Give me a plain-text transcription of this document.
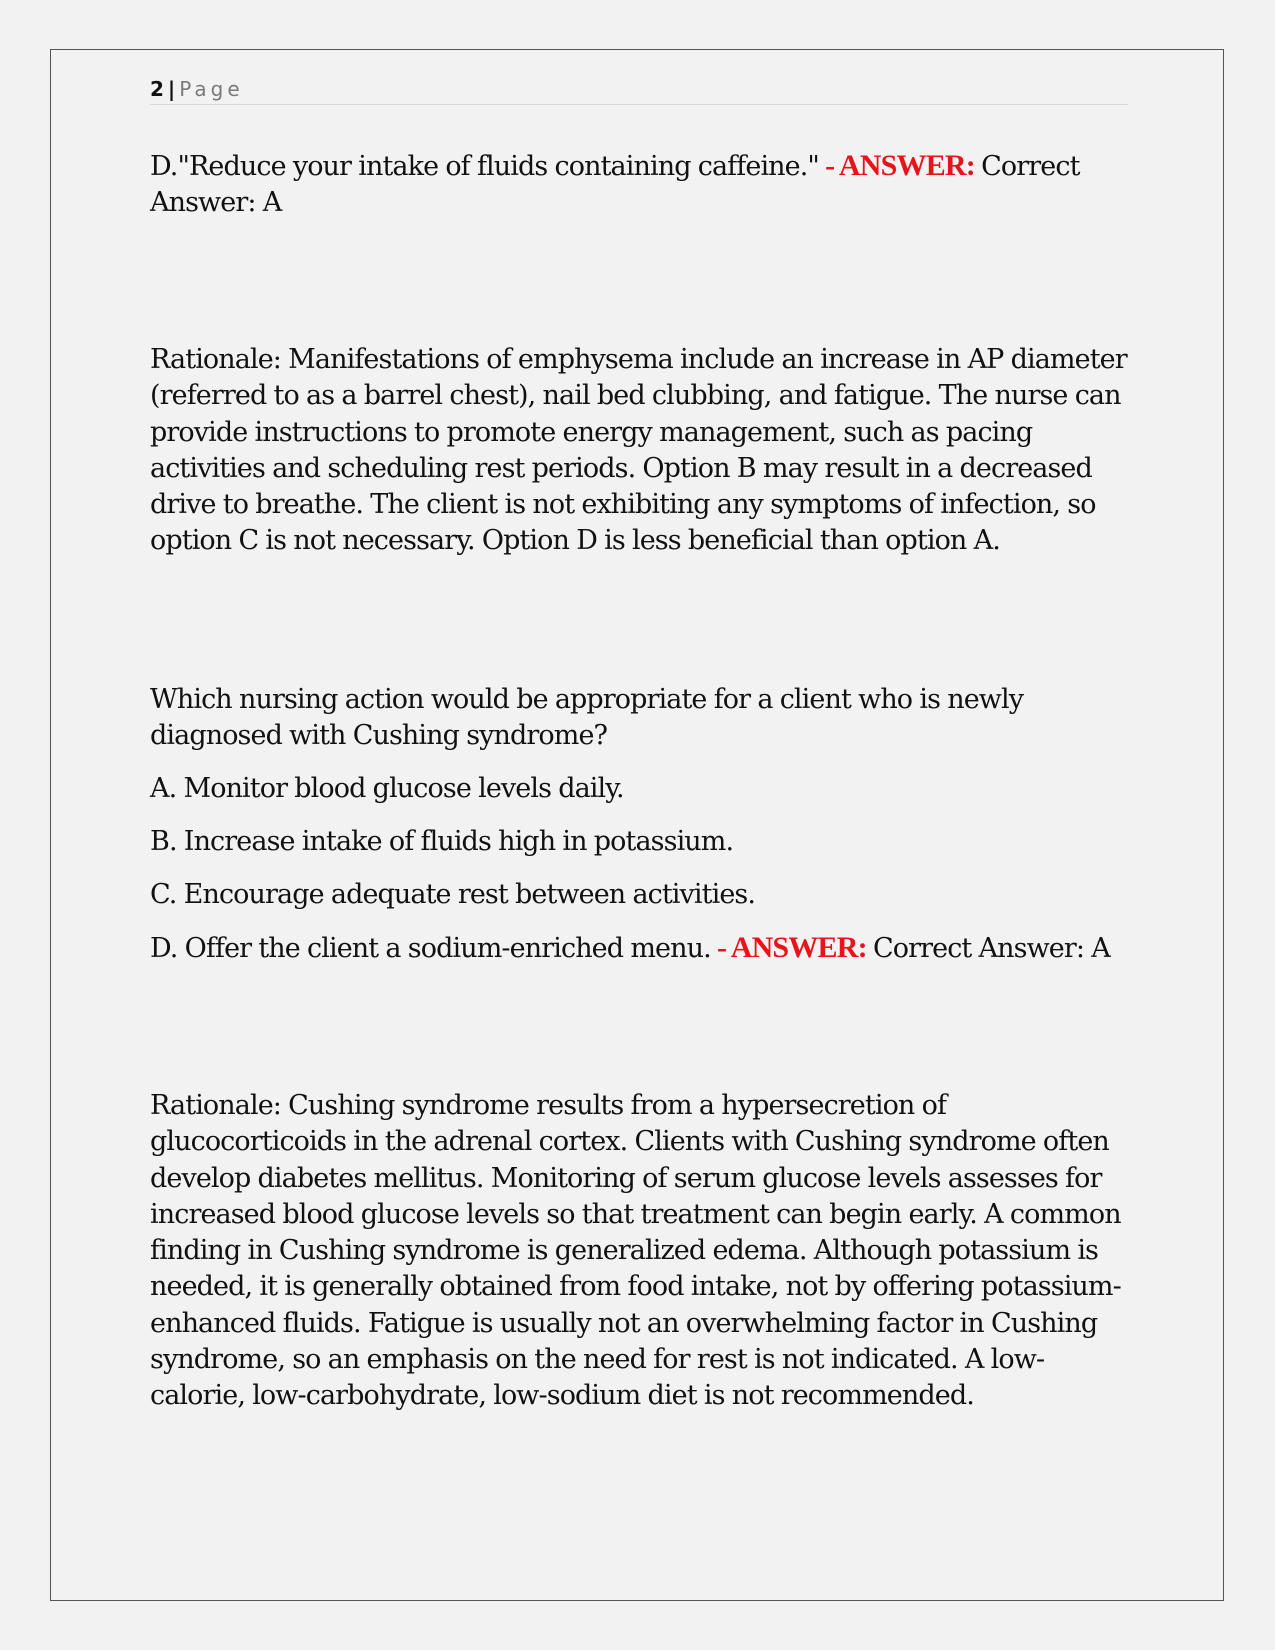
2 | Page

D."Reduce your intake of fluids containing caffeine." - ANSWER: Correct Answer: A

Rationale: Manifestations of emphysema include an increase in AP diameter (referred to as a barrel chest), nail bed clubbing, and fatigue. The nurse can provide instructions to promote energy management, such as pacing activities and scheduling rest periods. Option B may result in a decreased drive to breathe. The client is not exhibiting any symptoms of infection, so option C is not necessary. Option D is less beneficial than option A.

Which nursing action would be appropriate for a client who is newly diagnosed with Cushing syndrome?

A. Monitor blood glucose levels daily.
B. Increase intake of fluids high in potassium.
C. Encourage adequate rest between activities.
D. Offer the client a sodium-enriched menu. - ANSWER: Correct Answer: A

Rationale: Cushing syndrome results from a hypersecretion of glucocorticoids in the adrenal cortex. Clients with Cushing syndrome often develop diabetes mellitus. Monitoring of serum glucose levels assesses for increased blood glucose levels so that treatment can begin early. A common finding in Cushing syndrome is generalized edema. Although potassium is needed, it is generally obtained from food intake, not by offering potassium-enhanced fluids. Fatigue is usually not an overwhelming factor in Cushing syndrome, so an emphasis on the need for rest is not indicated. A low-calorie, low-carbohydrate, low-sodium diet is not recommended.
